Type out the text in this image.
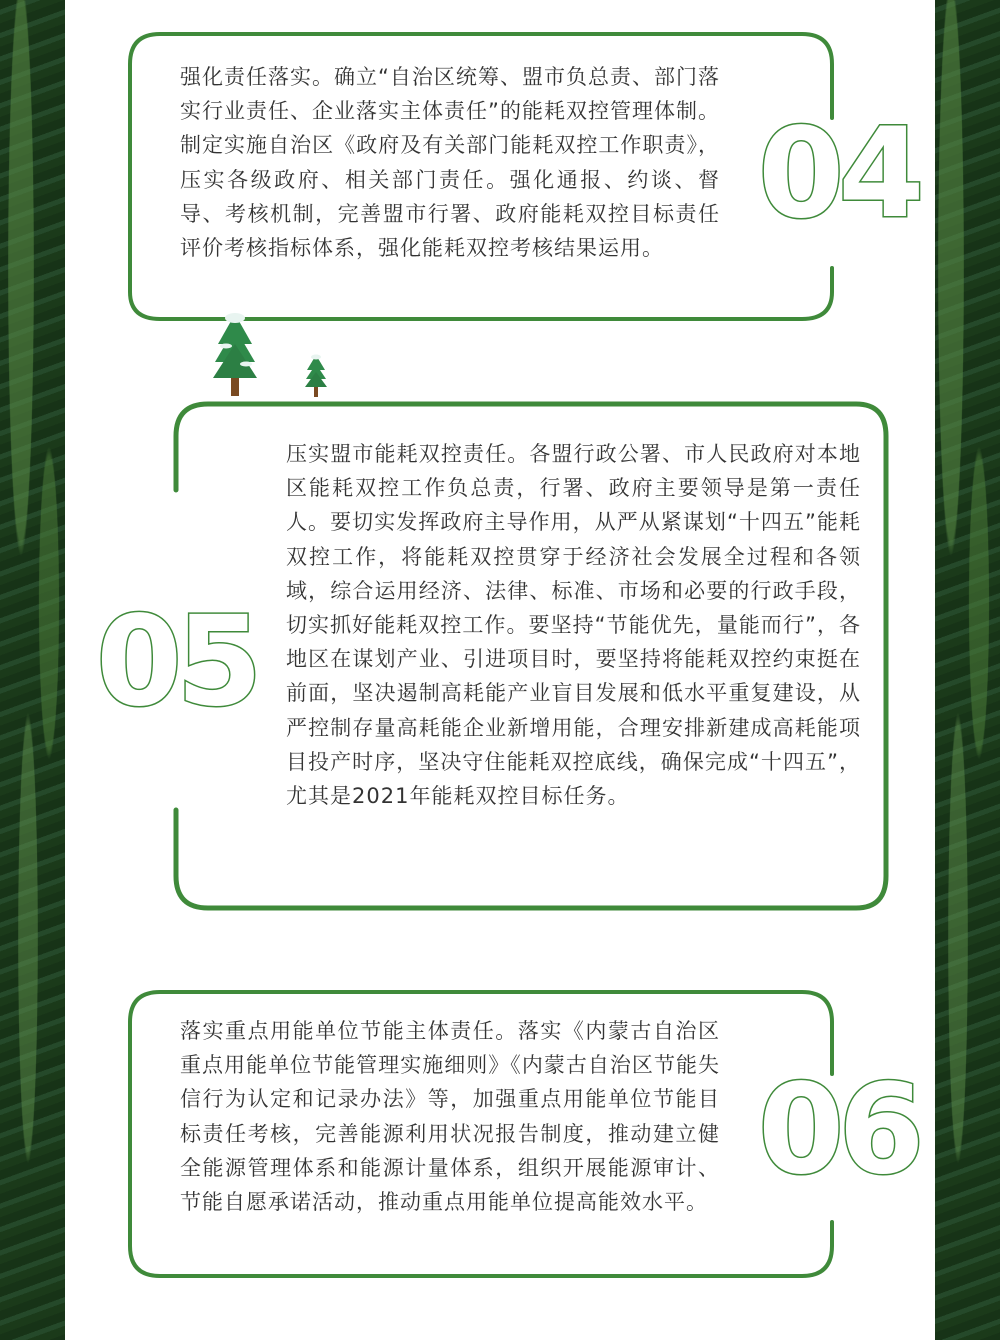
强化责任落实。确立“自治区统筹、盟市负总责、部门落实行业责任、企业落实主体责任”的能耗双控管理体制。制定实施自治区《政府及有关部门能耗双控工作职责》，压实各级政府、相关部门责任。强化通报、约谈、督导、考核机制，完善盟市行署、政府能耗双控目标责任评价考核指标体系，强化能耗双控考核结果运用。

04

压实盟市能耗双控责任。各盟行政公署、市人民政府对本地区能耗双控工作负总责，行署、政府主要领导是第一责任人。要切实发挥政府主导作用，从严从紧谋划“十四五”能耗双控工作，将能耗双控贯穿于经济社会发展全过程和各领域，综合运用经济、法律、标准、市场和必要的行政手段，切实抓好能耗双控工作。要坚持“节能优先，量能而行”，各地区在谋划产业、引进项目时，要坚持将能耗双控约束挺在前面，坚决遏制高耗能产业盲目发展和低水平重复建设，从严控制存量高耗能企业新增用能，合理安排新建成高耗能项目投产时序，坚决守住能耗双控底线，确保完成“十四五”，尤其是2021年能耗双控目标任务。

05

落实重点用能单位节能主体责任。落实《内蒙古自治区重点用能单位节能管理实施细则》《内蒙古自治区节能失信行为认定和记录办法》等，加强重点用能单位节能目标责任考核，完善能源利用状况报告制度，推动建立健全能源管理体系和能源计量体系，组织开展能源审计、节能自愿承诺活动，推动重点用能单位提高能效水平。

06
